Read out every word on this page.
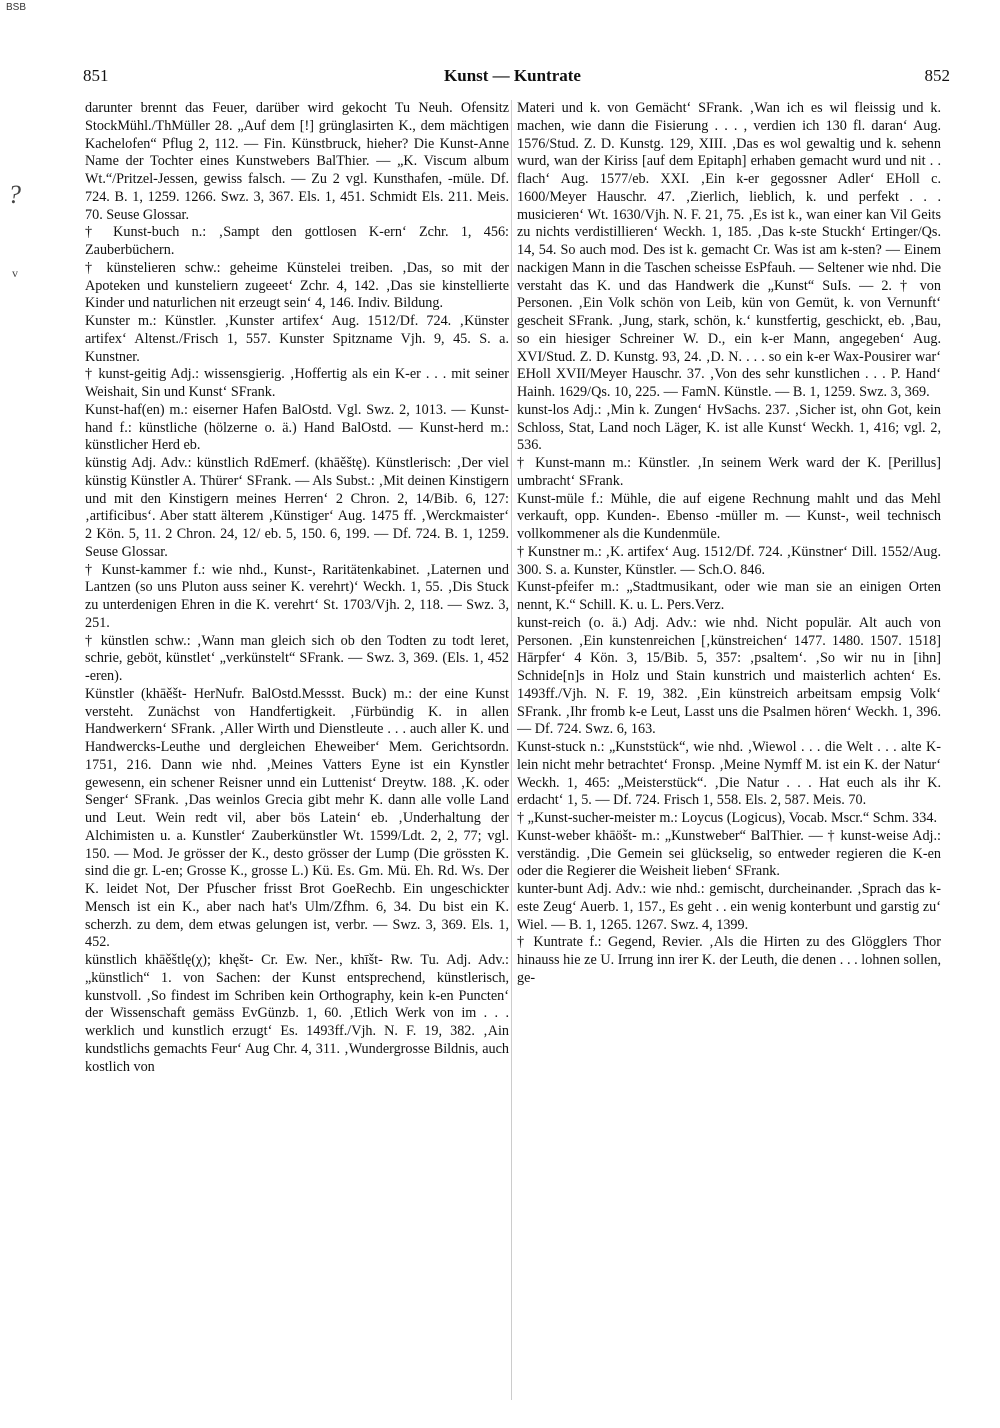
BSB
851	Kunst — Kuntrate	852
?
v

darunter brennt das Feuer, darüber wird gekocht Tu Neuh. Ofensitz StockMühl./ThMüller 28. „Auf dem [!] grünglasirten K., dem mächtigen Kachelofen“ Pflug 2, 112. — Fin. Künstbruck, hieher? Die Kunst-Anne Name der Tochter eines Kunstwebers BalThier. — „K. Viscum album Wt.“/Pritzel-Jessen, gewiss falsch. — Zu 2 vgl. Kunsthafen, -müle. Df. 724. B. 1, 1259. 1266. Swz. 3, 367. Els. 1, 451. Schmidt Els. 211. Meis. 70. Seuse Glossar.

† Kunst-buch n.: ‚Sampt den gottlosen K-ern‘ Zchr. 1, 456: Zauberbüchern.

† künstelieren schw.: geheime Künstelei treiben. ‚Das, so mit der Apoteken und kunsteliern zugeeet‘ Zchr. 4, 142. ‚Das sie kinstellierte Kinder und naturlichen nit erzeugt sein‘ 4, 146. Indiv. Bildung.

Kunster m.: Künstler. ‚Kunster artifex‘ Aug. 1512/Df. 724. ‚Künster artifex‘ Altenst./Frisch 1, 557. Kunster Spitzname Vjh. 9, 45. S. a. Kunstner.

† kunst-geitig Adj.: wissensgierig. ‚Hoffertig als ein K-er . . . mit seiner Weishait, Sin und Kunst‘ SFrank.

Kunst-haf(en) m.: eiserner Hafen BalOstd. Vgl. Swz. 2, 1013. — Kunst-hand f.: künstliche (hölzerne o. ä.) Hand BalOstd. — Kunst-herd m.: künstlicher Herd eb.

künstig Adj. Adv.: künstlich RdEmerf. (khāěštę). Künstlerisch: ‚Der viel künstig Künstler A. Thürer‘ SFrank. — Als Subst.: ‚Mit deinen Kinstigern und mit den Kinstigern meines Herren‘ 2 Chron. 2, 14/Bib. 6, 127: ‚artificibus‘. Aber statt älterem ‚Künstiger‘ Aug. 1475 ff. ‚Werckmaister‘ 2 Kön. 5, 11. 2 Chron. 24, 12/ eb. 5, 150. 6, 199. — Df. 724. B. 1, 1259. Seuse Glossar.

† Kunst-kammer f.: wie nhd., Kunst-, Raritätenkabinet. ‚Laternen und Lantzen (so uns Pluton auss seiner K. verehrt)‘ Weckh. 1, 55. ‚Dis Stuck zu unterdenigen Ehren in die K. verehrt‘ St. 1703/Vjh. 2, 118. — Swz. 3, 251.

† künstlen schw.: ‚Wann man gleich sich ob den Todten zu todt leret, schrie, geböt, künstlet‘ „verkünstelt“ SFrank. — Swz. 3, 369. (Els. 1, 452 -eren).

Künstler (khāěšt- HerNufr. BalOstd.Messst. Buck) m.: der eine Kunst versteht. Zunächst von Handfertigkeit. ‚Fürbündig K. in allen Handwerkern‘ SFrank. ‚Aller Wirth und Dienstleute . . . auch aller K. und Handwercks-Leuthe und dergleichen Eheweiber‘ Mem. Gerichtsordn. 1751, 216. Dann wie nhd. ‚Meines Vatters Eyne ist ein Kynstler gewesenn, ein schener Reisner unnd ein Luttenist‘ Dreytw. 188. ‚K. oder Senger‘ SFrank. ‚Das weinlos Grecia gibt mehr K. dann alle volle Land und Leut. Wein redt vil, aber bös Latein‘ eb. ‚Underhaltung der Alchimisten u. a. Kunstler‘ Zauberkünstler Wt. 1599/Ldt. 2, 2, 77; vgl. 150. — Mod. Je grösser der K., desto grösser der Lump (Die grössten K. sind die gr. L-en; Grosse K., grosse L.) Kü. Es. Gm. Mü. Eh. Rd. Ws. Der K. leidet Not, Der Pfuscher frisst Brot GoeRechb. Ein ungeschickter Mensch ist ein K., aber nach hat's Ulm/Zfhm. 6, 34. Du bist ein K. scherzh. zu dem, dem etwas gelungen ist, verbr. — Swz. 3, 369. Els. 1, 452.

künstlich khāěštlę(χ); khęšt- Cr. Ew. Ner., khīšt- Rw. Tu. Adj. Adv.: „künstlich“ 1. von Sachen: der Kunst entsprechend, künstlerisch, kunstvoll. ‚So findest im Schriben kein Orthography, kein k-en Puncten‘ der Wissenschaft gemäss EvGünzb. 1, 60. ‚Etlich Werk von im . . . werklich und kunstlich erzugt‘ Es. 1493ff./Vjh. N. F. 19, 382. ‚Ain kundstlichs gemachts Feur‘ Aug Chr. 4, 311. ‚Wundergrosse Bildnis, auch kostlich von

Materi und k. von Gemächt‘ SFrank. ‚Wan ich es wil fleissig und k. machen, wie dann die Fisierung . . . , verdien ich 130 fl. daran‘ Aug. 1576/Stud. Z. D. Kunstg. 129, XIII. ‚Das es wol gewaltig und k. sehenn wurd, wan der Kiriss [auf dem Epitaph] erhaben gemacht wurd und nit . . flach‘ Aug. 1577/eb. XXI. ‚Ein k-er gegossner Adler‘ EHoll c. 1600/Meyer Hauschr. 47. ‚Zierlich, lieblich, k. und perfekt . . . musicieren‘ Wt. 1630/Vjh. N. F. 21, 75. ‚Es ist k., wan einer kan Vil Geits zu nichts verdistillieren‘ Weckh. 1, 185. ‚Das k-ste Stuckh‘ Ertinger/Qs. 14, 54. So auch mod. Des ist k. gemacht Cr. Was ist am k-sten? — Einem nackigen Mann in die Taschen scheisse EsPfauh. — Seltener wie nhd. Die verstaht das K. und das Handwerk die „Kunst“ SuIs. — 2. † von Personen. ‚Ein Volk schön von Leib, kün von Gemüt, k. von Vernunft‘ gescheit SFrank. ‚Jung, stark, schön, k.‘ kunstfertig, geschickt, eb. ‚Bau, so ein hiesiger Schreiner W. D., ein k-er Mann, angegeben‘ Aug. XVI/Stud. Z. D. Kunstg. 93, 24. ‚D. N. . . . so ein k-er Wax-Pousirer war‘ EHoll XVII/Meyer Hauschr. 37. ‚Von des sehr kunstlichen . . . P. Hand‘ Hainh. 1629/Qs. 10, 225. — FamN. Künstle. — B. 1, 1259. Swz. 3, 369.

kunst-los Adj.: ‚Min k. Zungen‘ HvSachs. 237. ‚Sicher ist, ohn Got, kein Schloss, Stat, Land noch Läger, K. ist alle Kunst‘ Weckh. 1, 416; vgl. 2, 536.

† Kunst-mann m.: Künstler. ‚In seinem Werk ward der K. [Perillus] umbracht‘ SFrank.

Kunst-müle f.: Mühle, die auf eigene Rechnung mahlt und das Mehl verkauft, opp. Kunden-. Ebenso -müller m. — Kunst-, weil technisch vollkommener als die Kundenmüle.

† Kunstner m.: ‚K. artifex‘ Aug. 1512/Df. 724. ‚Künstner‘ Dill. 1552/Aug. 300. S. a. Kunster, Künstler. — Sch.O. 846.

Kunst-pfeifer m.: „Stadtmusikant, oder wie man sie an einigen Orten nennt, K.“ Schill. K. u. L. Pers.Verz.

kunst-reich (o. ä.) Adj. Adv.: wie nhd. Nicht populär. Alt auch von Personen. ‚Ein kunstenreichen [‚künstreichen‘ 1477. 1480. 1507. 1518] Hārpfer‘ 4 Kön. 3, 15/Bib. 5, 357: ‚psaltem‘. ‚So wir nu in [ihn] Schnide[n]s in Holz und Stain kunstrich und maisterlich achten‘ Es. 1493ff./Vjh. N. F. 19, 382. ‚Ein künstreich arbeitsam empsig Volk‘ SFrank. ‚Ihr fromb k-e Leut, Lasst uns die Psalmen hören‘ Weckh. 1, 396. — Df. 724. Swz. 6, 163.

Kunst-stuck n.: „Kunststück“, wie nhd. ‚Wiewol . . . die Welt . . . alte K-lein nicht mehr betrachtet‘ Fronsp. ‚Meine Nymff M. ist ein K. der Natur‘ Weckh. 1, 465: „Meisterstück“. ‚Die Natur . . . Hat euch als ihr K. erdacht‘ 1, 5. — Df. 724. Frisch 1, 558. Els. 2, 587. Meis. 70.

† „Kunst-sucher-meister m.: Loycus (Logicus), Vocab. Mscr.“ Schm. 334.

Kunst-weber khāöšt- m.: „Kunstweber“ BalThier. — † kunst-weise Adj.: verständig. ‚Die Gemein sei glückselig, so entweder regieren die K-en oder die Regierer die Weisheit lieben‘ SFrank.

kunter-bunt Adj. Adv.: wie nhd.: gemischt, durcheinander. ‚Sprach das k-este Zeug‘ Auerb. 1, 157., Es geht . . ein wenig konterbunt und garstig zu‘ Wiel. — B. 1, 1265. 1267. Swz. 4, 1399.

† Kuntrate f.: Gegend, Revier. ‚Als die Hirten zu des Glögglers Thor hinauss hie ze U. Irrung inn irer K. der Leuth, die denen . . . lohnen sollen, ge-
